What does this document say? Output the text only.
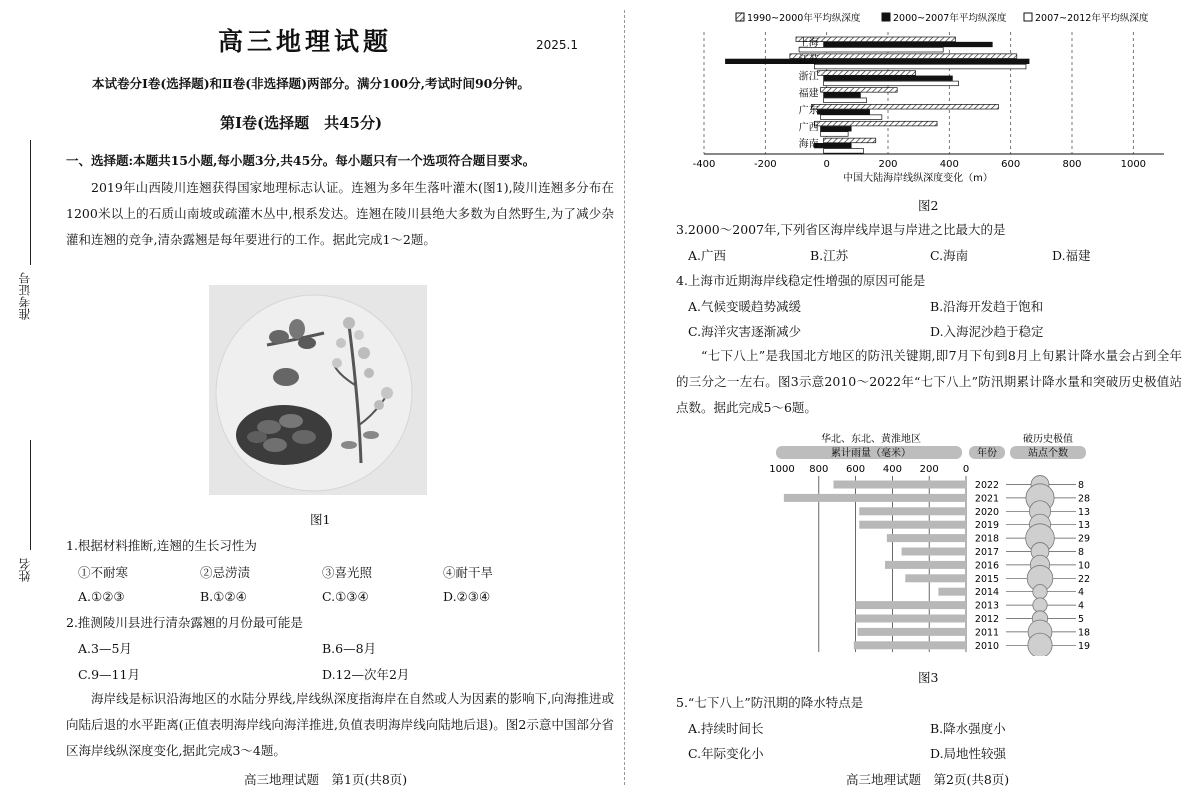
准考证号
姓名
高三地理试题	2025.1
本试卷分Ⅰ卷(选择题)和Ⅱ卷(非选择题)两部分。满分100分,考试时间90分钟。
第Ⅰ卷(选择题　共45分)
一、选择题:本题共15小题,每小题3分,共45分。每小题只有一个选项符合题目要求。
2019年山西陵川连翘获得国家地理标志认证。连翘为多年生落叶灌木(图1),陵川连翘多分布在1200米以上的石质山南坡或疏灌木丛中,根系发达。连翘在陵川县绝大多数为自然野生,为了减少杂灌和连翘的竞争,清杂露翘是每年要进行的工作。据此完成1～2题。
图1
1.根据材料推断,连翘的生长习性为
①不耐寒	②忌涝渍	③喜光照	④耐干旱
A.①②③	B.①②④	C.①③④	D.②③④
2.推测陵川县进行清杂露翘的月份最可能是
A.3—5月	B.6—8月
C.9—11月	D.12—次年2月
海岸线是标识沿海地区的水陆分界线,岸线纵深度指海岸在自然或人为因素的影响下,向海推进或向陆后退的水平距离(正值表明海岸线向海洋推进,负值表明海岸线向陆地后退)。图2示意中国部分省区海岸线纵深度变化,据此完成3～4题。
高三地理试题　第1页(共8页)
1990~2000年平均纵深度	2000~2007年平均纵深度	2007~2012年平均纵深度
上海
江苏
浙江
福建
广东
广西
海南
-400	-200	0	200	400	600	800	1000
中国大陆海岸线纵深度变化（m）
图2
3.2000～2007年,下列省区海岸线岸退与岸进之比最大的是
A.广西	B.江苏	C.海南	D.福建
4.上海市近期海岸线稳定性增强的原因可能是
A.气候变暖趋势减缓	B.沿海开发趋于饱和
C.海洋灾害逐渐减少	D.入海泥沙趋于稳定
“七下八上”是我国北方地区的防汛关键期,即7月下旬到8月上旬累计降水量会占到全年的三分之一左右。图3示意2010～2022年“七下八上”防汛期累计降水量和突破历史极值站点数。据此完成5～6题。
华北、东北、黄淮地区
累计雨量（毫米）	年份
破历史极值
站点个数
1000 800 600 400 200 0
2022
2021
2020
2019
2018
2017
2016
2015
2014
2013
2012
2011
2010
8
28
13
13
29
8
10
22
4
4
5
18
19
图3
5.“七下八上”防汛期的降水特点是
A.持续时间长	B.降水强度小
C.年际变化小	D.局地性较强
高三地理试题　第2页(共8页)
